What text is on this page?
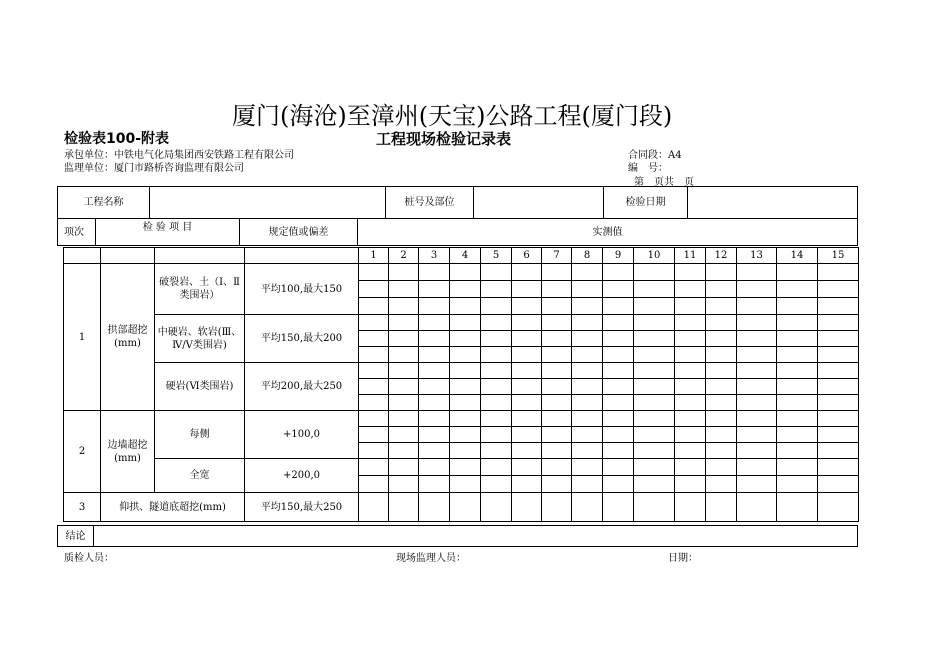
厦门(海沧)至漳州(天宝)公路工程(厦门段)
检验表100-附表	工程现场检验记录表
承包单位：中铁电气化局集团西安铁路工程有限公司
监理单位：厦门市路桥咨询监理有限公司
合同段：A4
编　号：
第　页共　页
工程名称		桩号及部位		检验日期	
项次	检 验 项 目	规定值或偏差	实测值
				1	2	3	4	5	6	7	8	9	10	11	12	13	14	15
1	拱部超挖 (mm)	破裂岩、土（Ⅰ、Ⅱ类围岩）	平均100,最大150															

		中硬岩、软岩(Ⅲ、Ⅳ/Ⅴ类围岩)	平均150,最大200															

		硬岩(Ⅵ类围岩)	平均200,最大250															

2	边墙超挖(mm)	每侧	+100,0															

		全宽	+200,0															

3	仰拱、隧道底超挖(mm)		平均150,最大250															
结论	
质检人员：	现场监理人员：	日期：
